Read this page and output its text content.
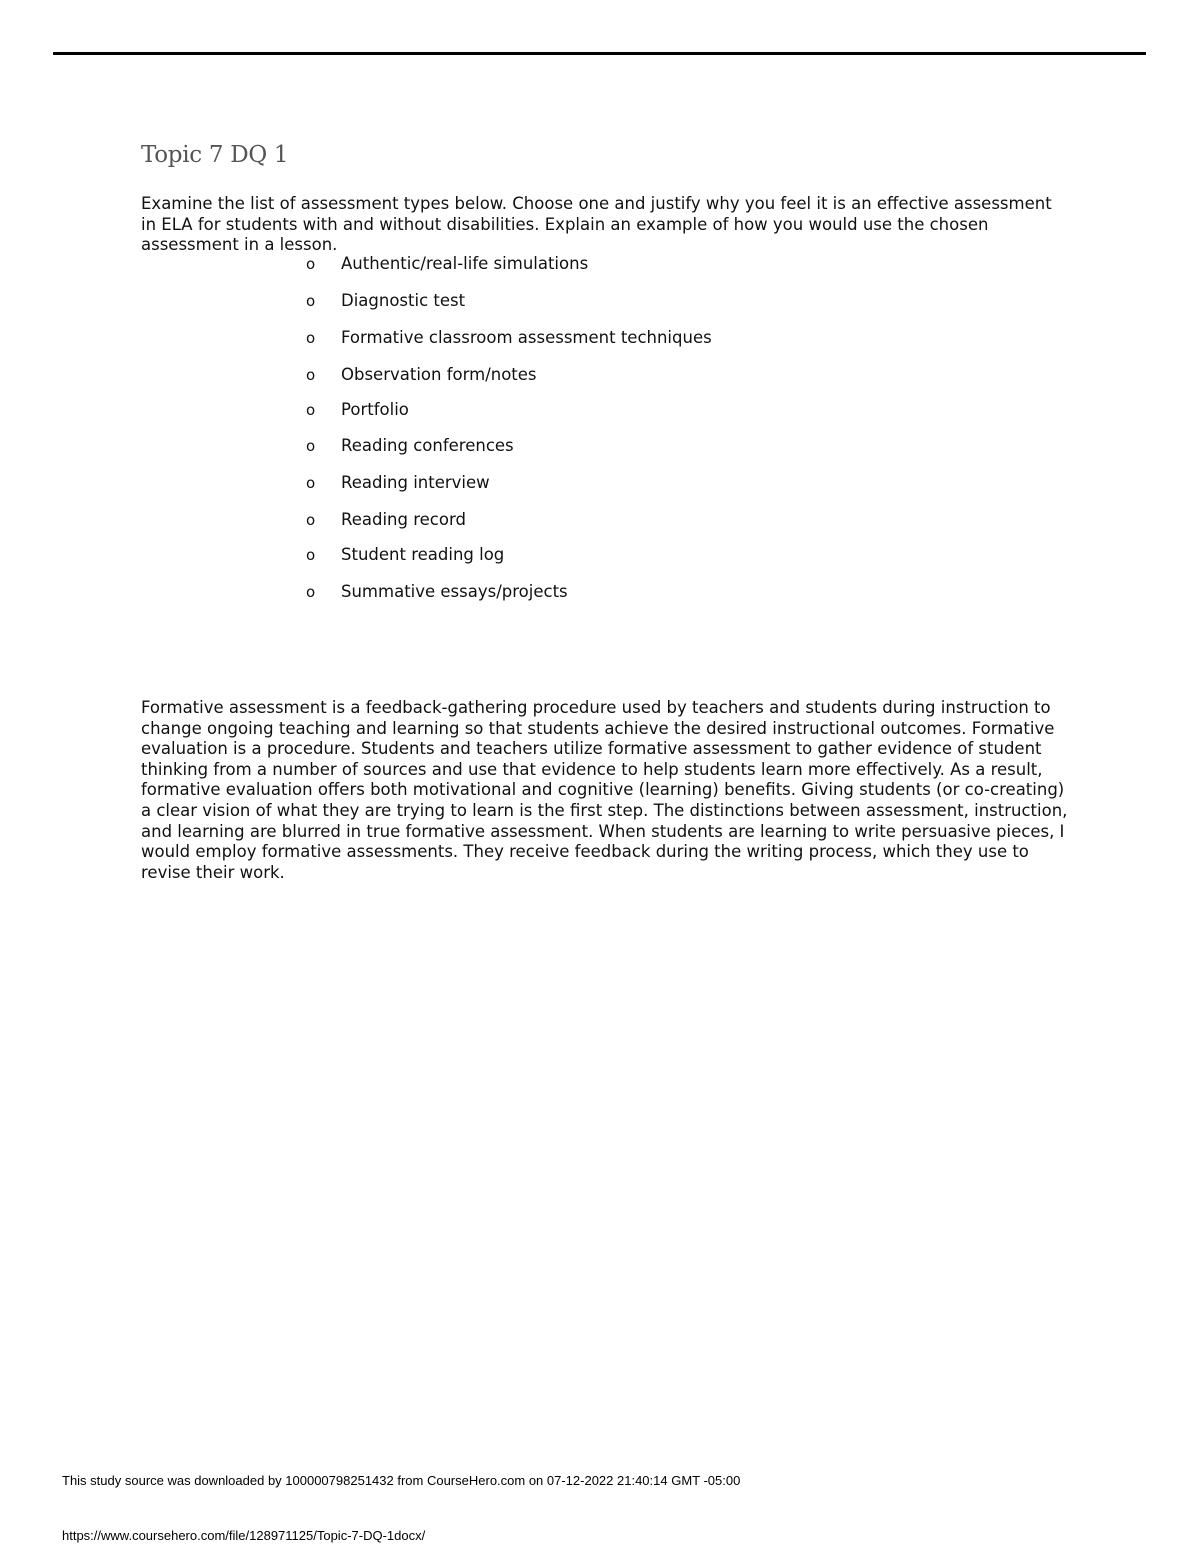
Topic 7 DQ 1

Examine the list of assessment types below. Choose one and justify why you feel it is an effective assessment in ELA for students with and without disabilities. Explain an example of how you would use the chosen assessment in a lesson.

o Authentic/real-life simulations
o Diagnostic test
o Formative classroom assessment techniques
o Observation form/notes
o Portfolio
o Reading conferences
o Reading interview
o Reading record
o Student reading log
o Summative essays/projects

Formative assessment is a feedback-gathering procedure used by teachers and students during instruction to change ongoing teaching and learning so that students achieve the desired instructional outcomes. Formative evaluation is a procedure. Students and teachers utilize formative assessment to gather evidence of student thinking from a number of sources and use that evidence to help students learn more effectively. As a result, formative evaluation offers both motivational and cognitive (learning) benefits. Giving students (or co-creating) a clear vision of what they are trying to learn is the first step. The distinctions between assessment, instruction, and learning are blurred in true formative assessment. When students are learning to write persuasive pieces, I would employ formative assessments. They receive feedback during the writing process, which they use to revise their work.

This study source was downloaded by 100000798251432 from CourseHero.com on 07-12-2022 21:40:14 GMT -05:00
https://www.coursehero.com/file/128971125/Topic-7-DQ-1docx/
